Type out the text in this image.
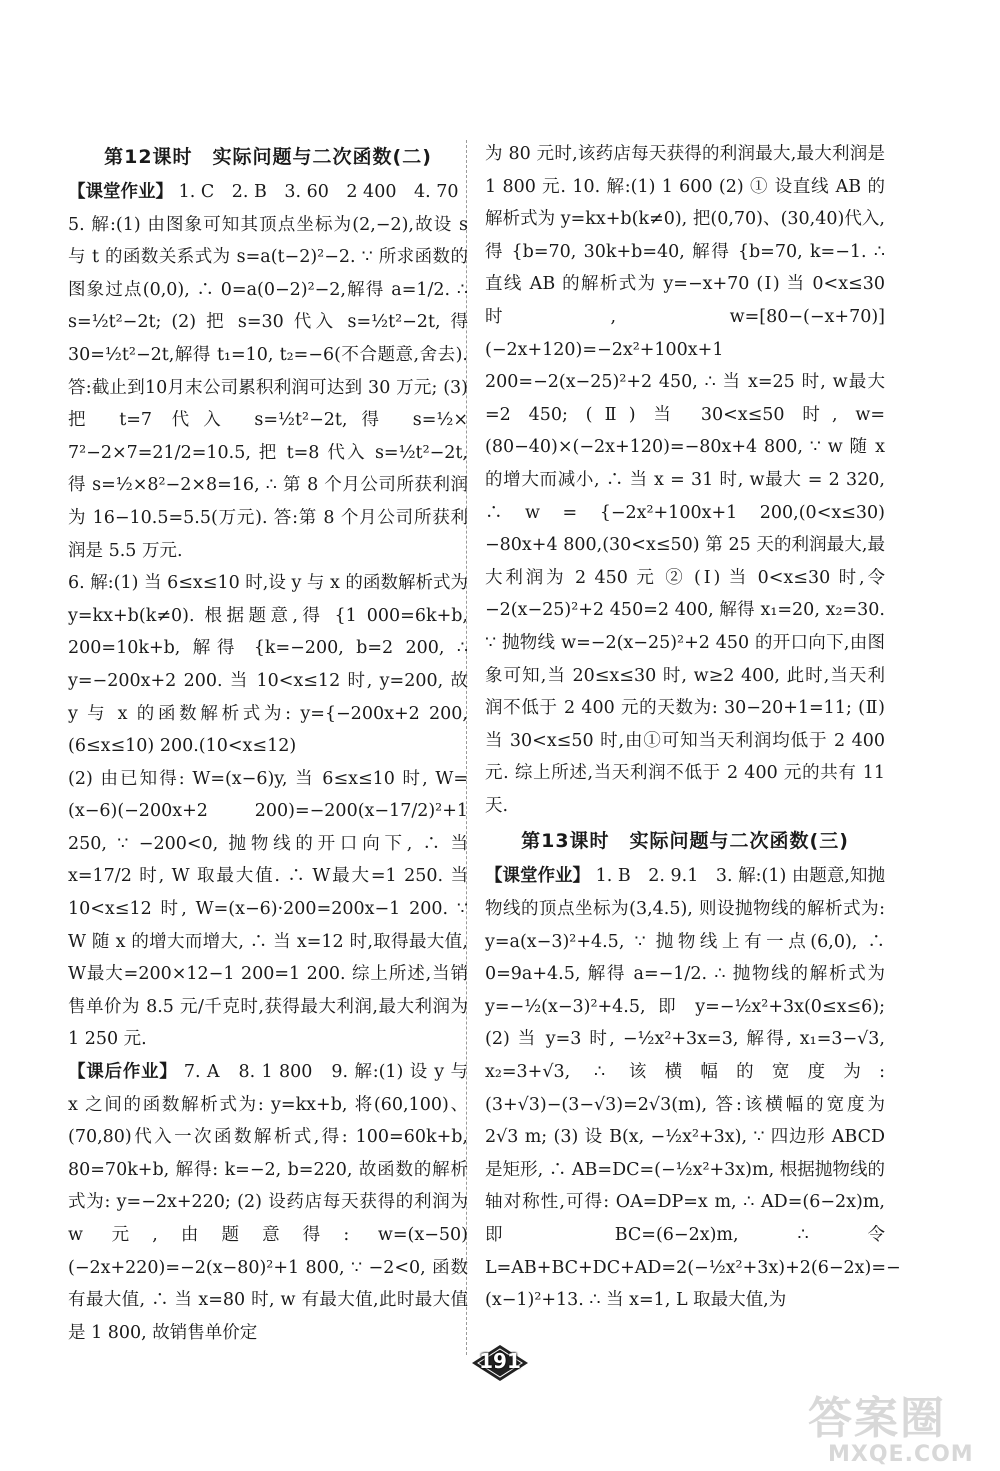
第12课时　实际问题与二次函数(二)

【课堂作业】 1. C　2. B　3. 60　2 400　4. 70

5. 解:(1) 由图象可知其顶点坐标为(2,−2),故设 s 与 t 的函数关系式为 s=a(t−2)²−2. ∵ 所求函数的图象过点(0,0), ∴ 0=a(0−2)²−2,解得 a=1/2. ∴ s=½t²−2t; (2) 把 s=30 代入 s=½t²−2t, 得 30=½t²−2t,解得 t₁=10, t₂=−6(不合题意,舍去). 答:截止到10月末公司累积利润可达到 30 万元; (3) 把 t=7 代入 s=½t²−2t,得 s=½× 7²−2×7=21/2=10.5, 把 t=8 代入 s=½t²−2t,得 s=½×8²−2×8=16, ∴ 第 8 个月公司所获利润为 16−10.5=5.5(万元). 答:第 8 个月公司所获利润是 5.5 万元.

6. 解:(1) 当 6≤x≤10 时,设 y 与 x 的函数解析式为 y=kx+b(k≠0). 根据题意,得 {1 000=6k+b, 200=10k+b, 解得 {k=−200, b=2 200, ∴ y=−200x+2 200. 当 10<x≤12 时, y=200, 故 y 与 x 的函数解析式为: y={−200x+2 200,(6≤x≤10) 200.(10<x≤12)

(2) 由已知得: W=(x−6)y, 当 6≤x≤10 时, W=(x−6)(−200x+2 200)=−200(x−17/2)²+1 250, ∵ −200<0, 抛物线的开口向下, ∴ 当 x=17/2 时, W 取最大值. ∴ W最大=1 250. 当 10<x≤12 时, W=(x−6)·200=200x−1 200. ∵ W 随 x 的增大而增大, ∴ 当 x=12 时,取得最大值, W最大=200×12−1 200=1 200. 综上所述,当销售单价为 8.5 元/千克时,获得最大利润,最大利润为 1 250 元.

【课后作业】 7. A　8. 1 800　9. 解:(1) 设 y 与 x 之间的函数解析式为: y=kx+b, 将(60,100)、(70,80)代入一次函数解析式,得: 100=60k+b, 80=70k+b, 解得: k=−2, b=220, 故函数的解析式为: y=−2x+220; (2) 设药店每天获得的利润为 w 元,由题意得: w=(x−50)(−2x+220)=−2(x−80)²+1 800, ∵ −2<0, 函数有最大值, ∴ 当 x=80 时, w 有最大值,此时最大值是 1 800, 故销售单价定

为 80 元时,该药店每天获得的利润最大,最大利润是 1 800 元. 10. 解:(1) 1 600 (2) ① 设直线 AB 的解析式为 y=kx+b(k≠0), 把(0,70)、(30,40)代入,得 {b=70, 30k+b=40, 解得 {b=70, k=−1. ∴ 直线 AB 的解析式为 y=−x+70 (Ⅰ) 当 0<x≤30 时, w=[80−(−x+70)](−2x+120)=−2x²+100x+1 200=−2(x−25)²+2 450, ∴ 当 x=25 时, w最大=2 450; (Ⅱ) 当 30<x≤50 时, w=(80−40)×(−2x+120)=−80x+4 800, ∵ w 随 x 的增大而减小, ∴ 当 x = 31 时, w最大 = 2 320, ∴ w = {−2x²+100x+1 200,(0<x≤30) −80x+4 800,(30<x≤50) 第 25 天的利润最大,最大利润为 2 450 元 ② (Ⅰ) 当 0<x≤30 时,令 −2(x−25)²+2 450=2 400, 解得 x₁=20, x₂=30. ∵ 抛物线 w=−2(x−25)²+2 450 的开口向下,由图象可知,当 20≤x≤30 时, w≥2 400, 此时,当天利润不低于 2 400 元的天数为: 30−20+1=11; (Ⅱ) 当 30<x≤50 时,由①可知当天利润均低于 2 400 元. 综上所述,当天利润不低于 2 400 元的共有 11 天.

第13课时　实际问题与二次函数(三)

【课堂作业】 1. B　2. 9.1　3. 解:(1) 由题意,知抛物线的顶点坐标为(3,4.5), 则设抛物线的解析式为: y=a(x−3)²+4.5, ∵ 抛物线上有一点(6,0), ∴ 0=9a+4.5, 解得 a=−1/2. ∴ 抛物线的解析式为 y=−½(x−3)²+4.5, 即 y=−½x²+3x(0≤x≤6); (2) 当 y=3 时, −½x²+3x=3, 解得, x₁=3−√3, x₂=3+√3, ∴ 该横幅的宽度为: (3+√3)−(3−√3)=2√3(m), 答:该横幅的宽度为 2√3 m; (3) 设 B(x, −½x²+3x), ∵ 四边形 ABCD 是矩形, ∴ AB=DC=(−½x²+3x)m, 根据抛物线的轴对称性,可得: OA=DP=x m, ∴ AD=(6−2x)m, 即 BC=(6−2x)m, ∴ 令 L=AB+BC+DC+AD=2(−½x²+3x)+2(6−2x)=−(x−1)²+13. ∴ 当 x=1, L 取最大值,为

191
答案圈
MXQE.COM
